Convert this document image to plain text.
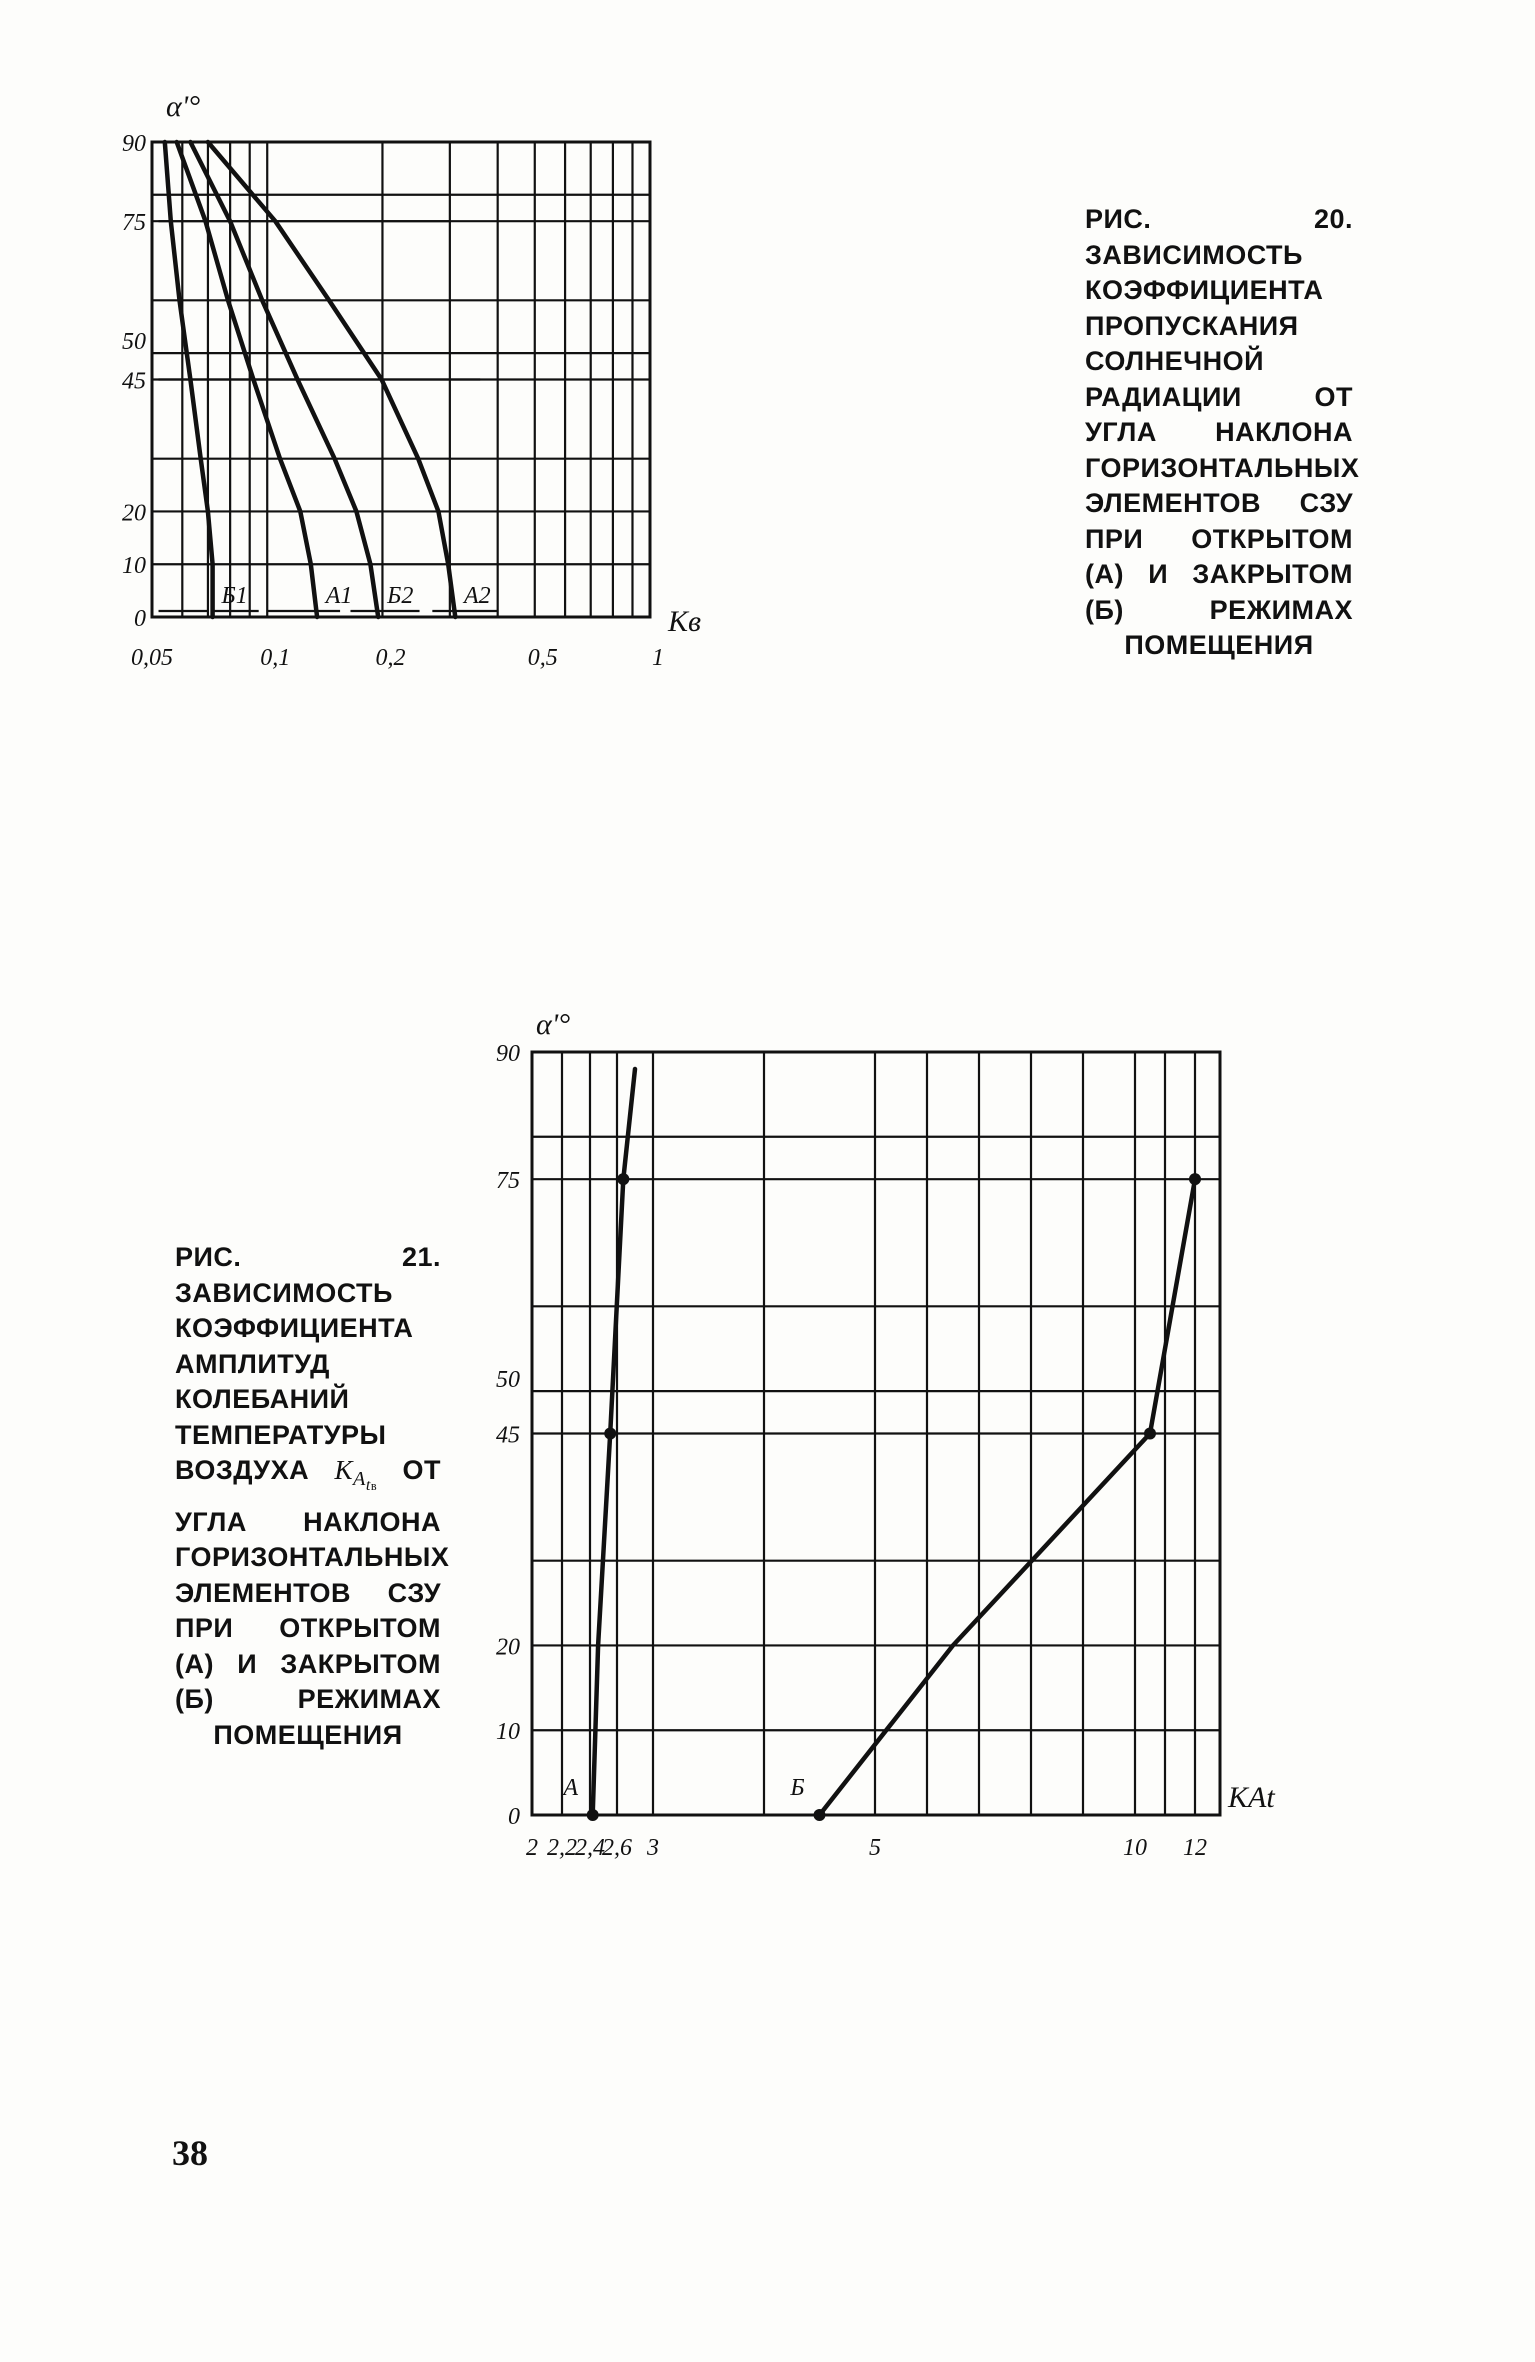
Б1	А1 Б2 А2
0,05	0,1	0,2	0,5	1
0
10
20
45
50
75
90
α'°
Kв
РИС. 20. ЗАВИСИМОСТЬ КОЭФФИЦИЕНТА ПРОПУСКАНИЯ СОЛНЕЧНОЙ РАДИАЦИИ ОТ УГЛА НАКЛОНА ГОРИЗОНТАЛЬНЫХ ЭЛЕМЕНТОВ СЗУ ПРИ ОТКРЫТОМ (А) И ЗАКРЫТОМ (Б) РЕЖИМАХ ПОМЕЩЕНИЯ
А	Б
2 2,2
2,4
2,6 3	5	10 12
0
10
20
45
50
75
90
α'°
KAt
РИС. 21. ЗАВИСИМОСТЬ КОЭФФИЦИЕНТА АМПЛИТУД КОЛЕБАНИЙ ТЕМПЕРАТУРЫ ВОЗДУХА $K_{A_{tв}}$ ОТ УГЛА НАКЛОНА ГОРИЗОНТАЛЬНЫХ ЭЛЕМЕНТОВ СЗУ ПРИ ОТКРЫТОМ (А) И ЗАКРЫТОМ (Б) РЕЖИМАХ ПОМЕЩЕНИЯ
38
